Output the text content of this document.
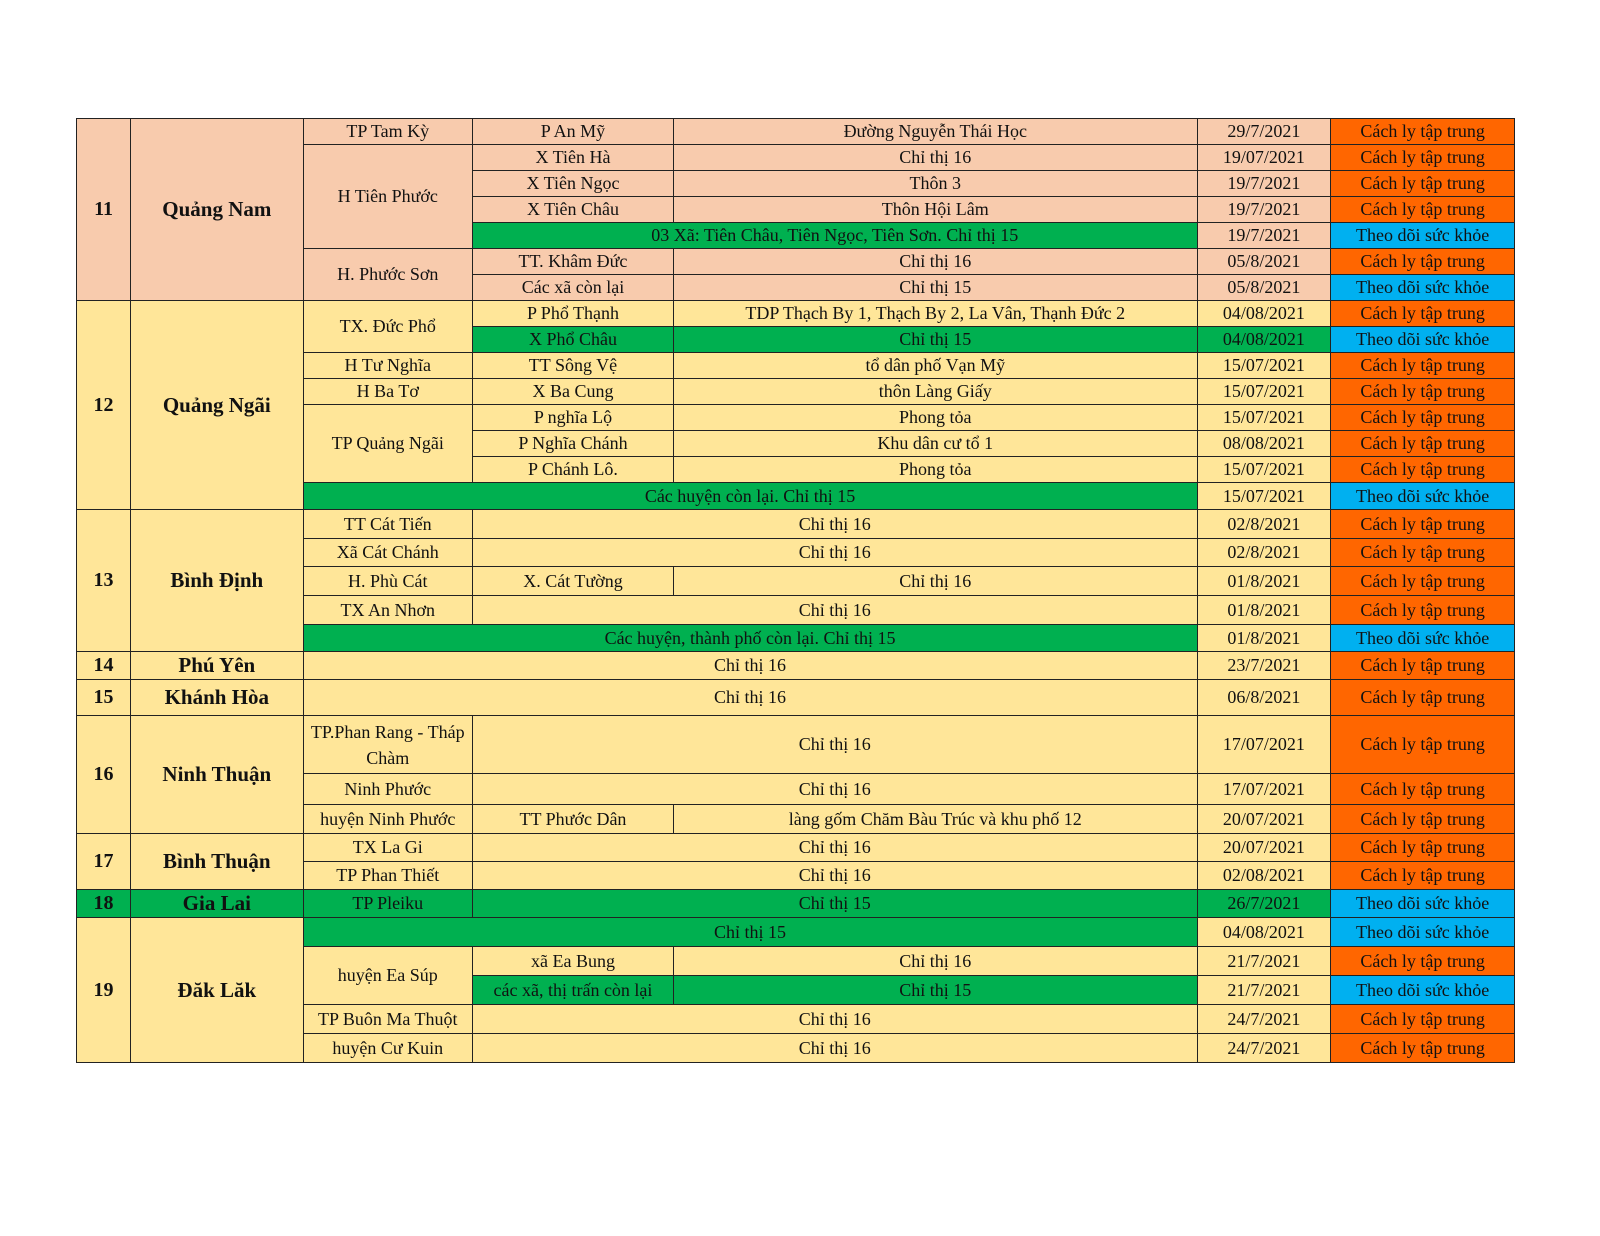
11	Quảng Nam	TP Tam Kỳ	P An Mỹ	Đường Nguyễn Thái Học	29/7/2021	Cách ly tập trung
		H Tiên Phước	X Tiên Hà	Chỉ thị 16	19/07/2021	Cách ly tập trung
			X Tiên Ngọc	Thôn 3	19/7/2021	Cách ly tập trung
			X Tiên Châu	Thôn Hội Lâm	19/7/2021	Cách ly tập trung
			03 Xã: Tiên Châu, Tiên Ngọc, Tiên Sơn. Chỉ thị 15		19/7/2021	Theo dõi sức khỏe
		H. Phước Sơn	TT. Khâm Đức	Chỉ thị 16	05/8/2021	Cách ly tập trung
			Các xã còn lại	Chỉ thị 15	05/8/2021	Theo dõi sức khỏe
12	Quảng Ngãi	TX. Đức Phổ	P Phổ Thạnh	TDP Thạch By 1, Thạch By 2, La Vân, Thạnh Đức 2	04/08/2021	Cách ly tập trung
			X Phổ Châu	Chỉ thị 15	04/08/2021	Theo dõi sức khỏe
		H Tư Nghĩa	TT Sông Vệ	tổ dân phố Vạn Mỹ	15/07/2021	Cách ly tập trung
		H Ba Tơ	X Ba Cung	thôn Làng Giấy	15/07/2021	Cách ly tập trung
		TP Quảng Ngãi	P nghĩa Lộ	Phong tỏa	15/07/2021	Cách ly tập trung
			P Nghĩa Chánh	Khu dân cư tổ 1	08/08/2021	Cách ly tập trung
			P Chánh Lô.	Phong tỏa	15/07/2021	Cách ly tập trung
		Các huyện còn lại. Chỉ thị 15			15/07/2021	Theo dõi sức khỏe
13	Bình Định	TT Cát Tiến	Chỉ thị 16		02/8/2021	Cách ly tập trung
		Xã Cát Chánh	Chỉ thị 16		02/8/2021	Cách ly tập trung
		H. Phù Cát	X. Cát Tường	Chỉ thị 16	01/8/2021	Cách ly tập trung
		TX An Nhơn	Chỉ thị 16		01/8/2021	Cách ly tập trung
		Các huyện, thành phố còn lại. Chỉ thị 15			01/8/2021	Theo dõi sức khỏe
14	Phú Yên	Chỉ thị 16			23/7/2021	Cách ly tập trung
15	Khánh Hòa	Chỉ thị 16			06/8/2021	Cách ly tập trung
16	Ninh Thuận	TP.Phan Rang - Tháp Chàm	Chỉ thị 16		17/07/2021	Cách ly tập trung
		Ninh Phước	Chỉ thị 16		17/07/2021	Cách ly tập trung
		huyện Ninh Phước	TT Phước Dân	làng gốm Chăm Bàu Trúc và khu phố 12	20/07/2021	Cách ly tập trung
17	Bình Thuận	TX La Gi	Chỉ thị 16		20/07/2021	Cách ly tập trung
		TP Phan Thiết	Chỉ thị 16		02/08/2021	Cách ly tập trung
18	Gia Lai	TP Pleiku	Chỉ thị 15		26/7/2021	Theo dõi sức khỏe
19	Đăk Lăk	Chỉ thị 15			04/08/2021	Theo dõi sức khỏe
		huyện Ea Súp	xã Ea Bung	Chỉ thị 16	21/7/2021	Cách ly tập trung
			các xã, thị trấn còn lại	Chỉ thị 15	21/7/2021	Theo dõi sức khỏe
		TP Buôn Ma Thuột	Chỉ thị 16		24/7/2021	Cách ly tập trung
		huyện Cư Kuin	Chỉ thị 16		24/7/2021	Cách ly tập trung
